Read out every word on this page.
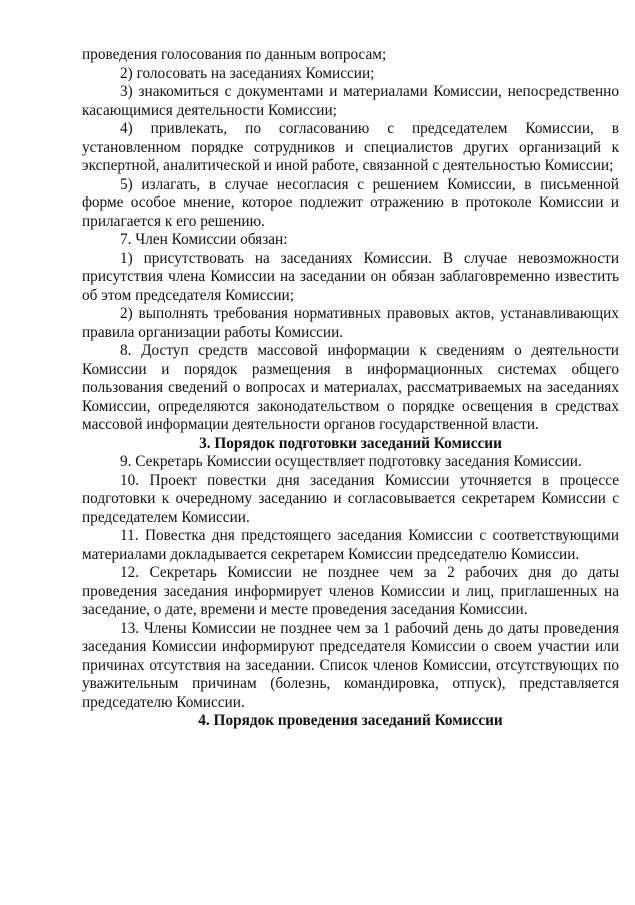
проведения голосования по данным вопросам;

2) голосовать на заседаниях Комиссии;

3) знакомиться с документами и материалами Комиссии, непосредственно касающимися деятельности Комиссии;

4) привлекать, по согласованию с председателем Комиссии, в установленном порядке сотрудников и специалистов других организаций к экспертной, аналитической и иной работе, связанной с деятельностью Комиссии;

5) излагать, в случае несогласия с решением Комиссии, в письменной форме особое мнение, которое подлежит отражению в протоколе Комиссии и прилагается к его решению.

7. Член Комиссии обязан:

1) присутствовать на заседаниях Комиссии. В случае невозможности присутствия члена Комиссии на заседании он обязан заблаговременно известить об этом председателя Комиссии;

2) выполнять требования нормативных правовых актов, устанавливающих правила организации работы Комиссии.

8. Доступ средств массовой информации к сведениям о деятельности Комиссии и порядок размещения в информационных системах общего пользования сведений о вопросах и материалах, рассматриваемых на заседаниях Комиссии, определяются законодательством о порядке освещения в средствах массовой информации деятельности органов государственной власти.

3. Порядок подготовки заседаний Комиссии

9. Секретарь Комиссии осуществляет подготовку заседания Комиссии.

10. Проект повестки дня заседания Комиссии уточняется в процессе подготовки к очередному заседанию и согласовывается секретарем Комиссии с председателем Комиссии.

11. Повестка дня предстоящего заседания Комиссии с соответствующими материалами докладывается секретарем Комиссии председателю Комиссии.

12. Секретарь Комиссии не позднее чем за 2 рабочих дня до даты проведения заседания информирует членов Комиссии и лиц, приглашенных на заседание, о дате, времени и месте проведения заседания Комиссии.

13. Члены Комиссии не позднее чем за 1 рабочий день до даты проведения заседания Комиссии информируют председателя Комиссии о своем участии или причинах отсутствия на заседании. Список членов Комиссии, отсутствующих по уважительным причинам (болезнь, командировка, отпуск), представляется председателю Комиссии.

4. Порядок проведения заседаний Комиссии
